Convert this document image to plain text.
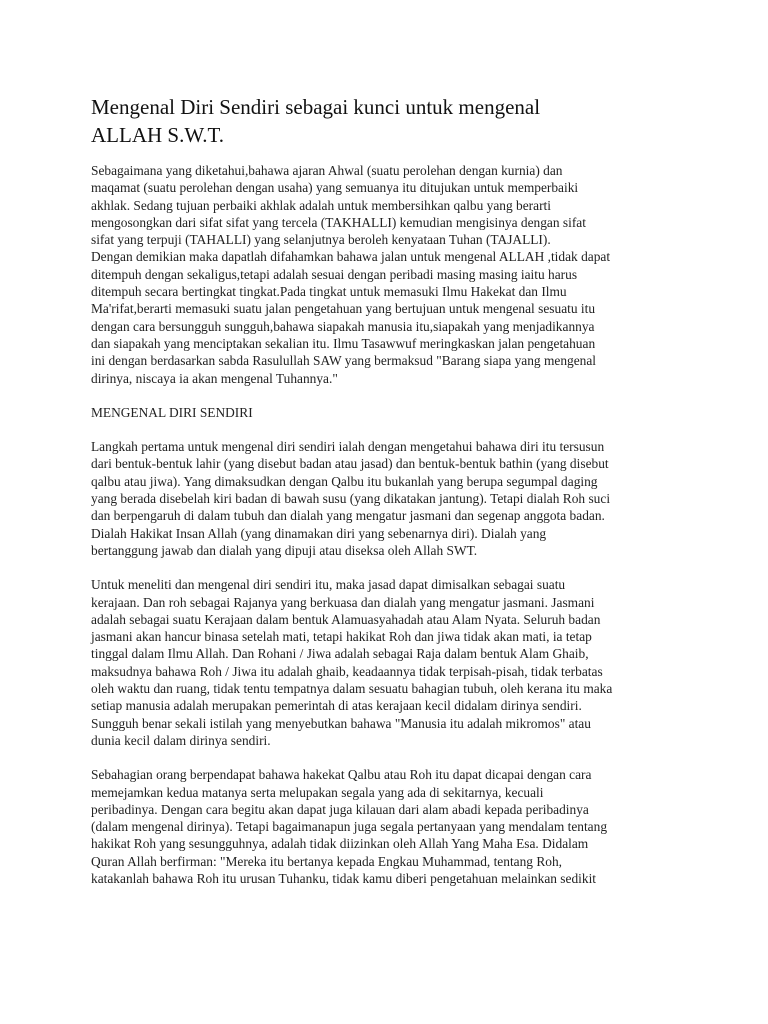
Mengenal Diri Sendiri sebagai kunci untuk mengenal
ALLAH S.W.T.
Sebagaimana yang diketahui,bahawa ajaran Ahwal (suatu perolehan dengan kurnia) dan
maqamat (suatu perolehan dengan usaha) yang semuanya itu ditujukan untuk memperbaiki
akhlak. Sedang tujuan perbaiki akhlak adalah untuk membersihkan qalbu yang berarti
mengosongkan dari sifat sifat yang tercela (TAKHALLI) kemudian mengisinya dengan sifat
sifat yang terpuji (TAHALLI) yang selanjutnya beroleh kenyataan Tuhan (TAJALLI).
Dengan demikian maka dapatlah difahamkan bahawa jalan untuk mengenal ALLAH ,tidak dapat
ditempuh dengan sekaligus,tetapi adalah sesuai dengan peribadi masing masing iaitu harus
ditempuh secara bertingkat tingkat.Pada tingkat untuk memasuki Ilmu Hakekat dan Ilmu
Ma'rifat,berarti memasuki suatu jalan pengetahuan yang bertujuan untuk mengenal sesuatu itu
dengan cara bersungguh sungguh,bahawa siapakah manusia itu,siapakah yang menjadikannya
dan siapakah yang menciptakan sekalian itu. Ilmu Tasawwuf meringkaskan jalan pengetahuan
ini dengan berdasarkan sabda Rasulullah SAW yang bermaksud "Barang siapa yang mengenal
dirinya, niscaya ia akan mengenal Tuhannya."
MENGENAL DIRI SENDIRI
Langkah pertama untuk mengenal diri sendiri ialah dengan mengetahui bahawa diri itu tersusun
dari bentuk-bentuk lahir (yang disebut badan atau jasad) dan bentuk-bentuk bathin (yang disebut
qalbu atau jiwa). Yang dimaksudkan dengan Qalbu itu bukanlah yang berupa segumpal daging
yang berada disebelah kiri badan di bawah susu (yang dikatakan jantung). Tetapi dialah Roh suci
dan berpengaruh di dalam tubuh dan dialah yang mengatur jasmani dan segenap anggota badan.
Dialah Hakikat Insan Allah (yang dinamakan diri yang sebenarnya diri). Dialah yang
bertanggung jawab dan dialah yang dipuji atau diseksa oleh Allah SWT.
Untuk meneliti dan mengenal diri sendiri itu, maka jasad dapat dimisalkan sebagai suatu
kerajaan. Dan roh sebagai Rajanya yang berkuasa dan dialah yang mengatur jasmani. Jasmani
adalah sebagai suatu Kerajaan dalam bentuk Alamuasyahadah atau Alam Nyata. Seluruh badan
jasmani akan hancur binasa setelah mati, tetapi hakikat Roh dan jiwa tidak akan mati, ia tetap
tinggal dalam Ilmu Allah. Dan Rohani / Jiwa adalah sebagai Raja dalam bentuk Alam Ghaib,
maksudnya bahawa Roh / Jiwa itu adalah ghaib, keadaannya tidak terpisah-pisah, tidak terbatas
oleh waktu dan ruang, tidak tentu tempatnya dalam sesuatu bahagian tubuh, oleh kerana itu maka
setiap manusia adalah merupakan pemerintah di atas kerajaan kecil didalam dirinya sendiri.
Sungguh benar sekali istilah yang menyebutkan bahawa "Manusia itu adalah mikromos" atau
dunia kecil dalam dirinya sendiri.
Sebahagian orang berpendapat bahawa hakekat Qalbu atau Roh itu dapat dicapai dengan cara
memejamkan kedua matanya serta melupakan segala yang ada di sekitarnya, kecuali
peribadinya. Dengan cara begitu akan dapat juga kilauan dari alam abadi kepada peribadinya
(dalam mengenal dirinya). Tetapi bagaimanapun juga segala pertanyaan yang mendalam tentang
hakikat Roh yang sesungguhnya, adalah tidak diizinkan oleh Allah Yang Maha Esa. Didalam
Quran Allah berfirman: "Mereka itu bertanya kepada Engkau Muhammad, tentang Roh,
katakanlah bahawa Roh itu urusan Tuhanku, tidak kamu diberi pengetahuan melainkan sedikit
